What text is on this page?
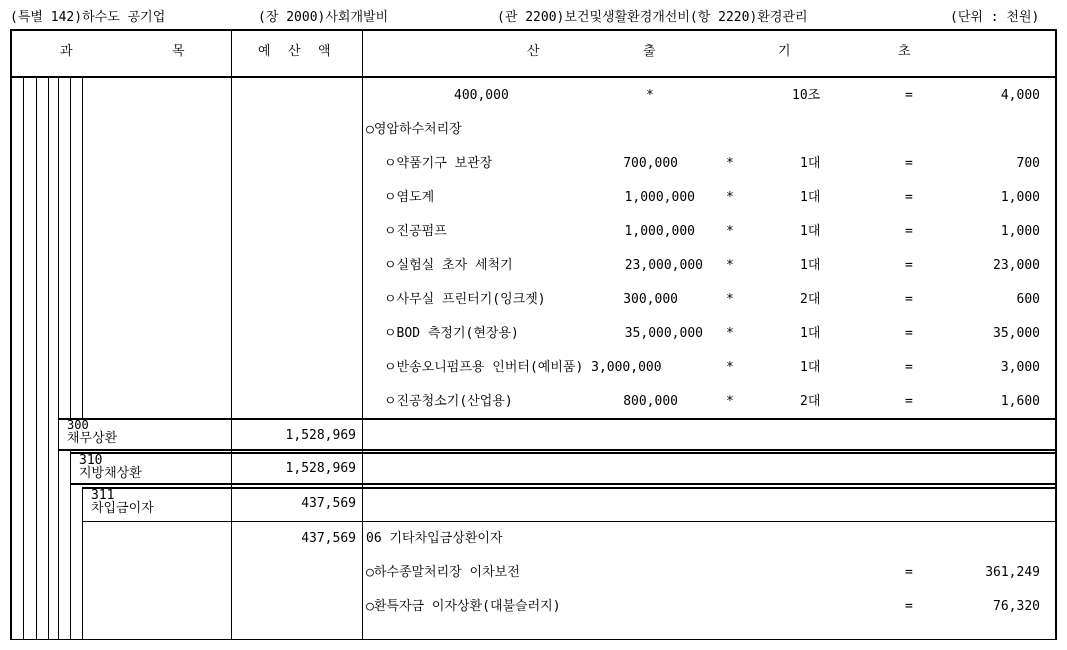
(특별 142)하수도 공기업	(장 2000)사회개발비	(관 2200)보건및생활환경개선비(항 2220)환경관리	(단위 : 천원)
과	목	예 산 액	산	출	기	초
400,000	*	10조	=	4,000
○영암하수처리장
ㅇ약품기구 보관장	700,000	*	1대	=	700
ㅇ염도계	1,000,000 *	1대	=	1,000
ㅇ진공펌프	1,000,000 *	1대	=	1,000
ㅇ실험실 초자 세척기	23,000,000 *	1대	=	23,000
ㅇ사무실 프린터기(잉크젯)	300,000	*	2대	=	600
ㅇBOD 측정기(현장용)	35,000,000 *	1대	=	35,000
ㅇ반송오니펌프용 인버터(예비품) 3,000,000	*	1대	=	3,000
ㅇ진공청소기(산업용)	800,000	*	2대	=	1,600
300
채무상환	1,528,969
310
지방채상환	1,528,969
311
차입금이자	437,569
437,569 06 기타차입금상환이자
○하수종말처리장 이차보전	=	361,249
○환특자금 이자상환(대불슬러지)	=	76,320
